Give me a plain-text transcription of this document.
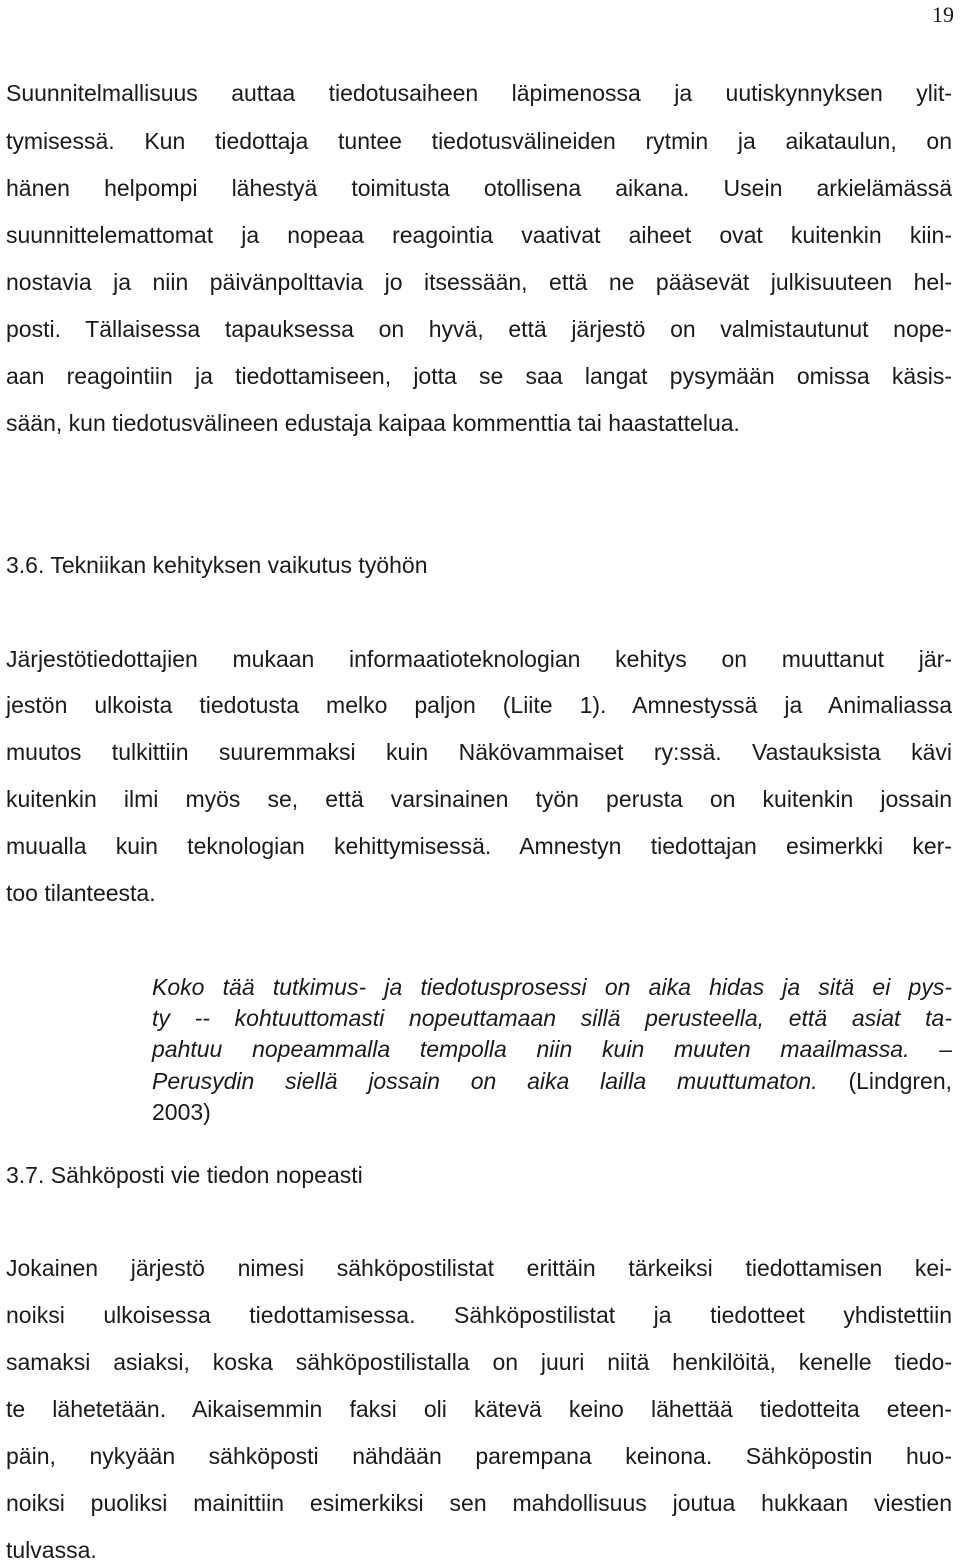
19

Suunnitelmallisuus auttaa tiedotusaiheen läpimenossa ja uutiskynnyksen ylit-

tymisessä. Kun tiedottaja tuntee tiedotusvälineiden rytmin ja aikataulun, on

hänen helpompi lähestyä toimitusta otollisena aikana. Usein arkielämässä

suunnittelemattomat ja nopeaa reagointia vaativat aiheet ovat kuitenkin kiin-

nostavia ja niin päivänpolttavia jo itsessään, että ne pääsevät julkisuuteen hel-

posti. Tällaisessa tapauksessa on hyvä, että järjestö on valmistautunut nope-

aan reagointiin ja tiedottamiseen, jotta se saa langat pysymään omissa käsis-

sään, kun tiedotusvälineen edustaja kaipaa kommenttia tai haastattelua.

3.6. Tekniikan kehityksen vaikutus työhön

Järjestötiedottajien mukaan informaatioteknologian kehitys on muuttanut jär-

jestön ulkoista tiedotusta melko paljon (Liite 1). Amnestyssä ja Animaliassa

muutos tulkittiin suuremmaksi kuin Näkövammaiset ry:ssä. Vastauksista kävi

kuitenkin ilmi myös se, että varsinainen työn perusta on kuitenkin jossain

muualla kuin teknologian kehittymisessä. Amnestyn tiedottajan esimerkki ker-

too tilanteesta.

Koko tää tutkimus- ja tiedotusprosessi on aika hidas ja sitä ei pys-

ty -- kohtuuttomasti nopeuttamaan sillä perusteella, että asiat ta-

pahtuu nopeammalla tempolla niin kuin muuten maailmassa. –

Perusydin siellä jossain on aika lailla muuttumaton. (Lindgren,

2003)

3.7. Sähköposti vie tiedon nopeasti

Jokainen järjestö nimesi sähköpostilistat erittäin tärkeiksi tiedottamisen kei-

noiksi ulkoisessa tiedottamisessa. Sähköpostilistat ja tiedotteet yhdistettiin

samaksi asiaksi, koska sähköpostilistalla on juuri niitä henkilöitä, kenelle tiedo-

te lähetetään. Aikaisemmin faksi oli kätevä keino lähettää tiedotteita eteen-

päin, nykyään sähköposti nähdään parempana keinona. Sähköpostin huo-

noiksi puoliksi mainittiin esimerkiksi sen mahdollisuus joutua hukkaan viestien

tulvassa.
